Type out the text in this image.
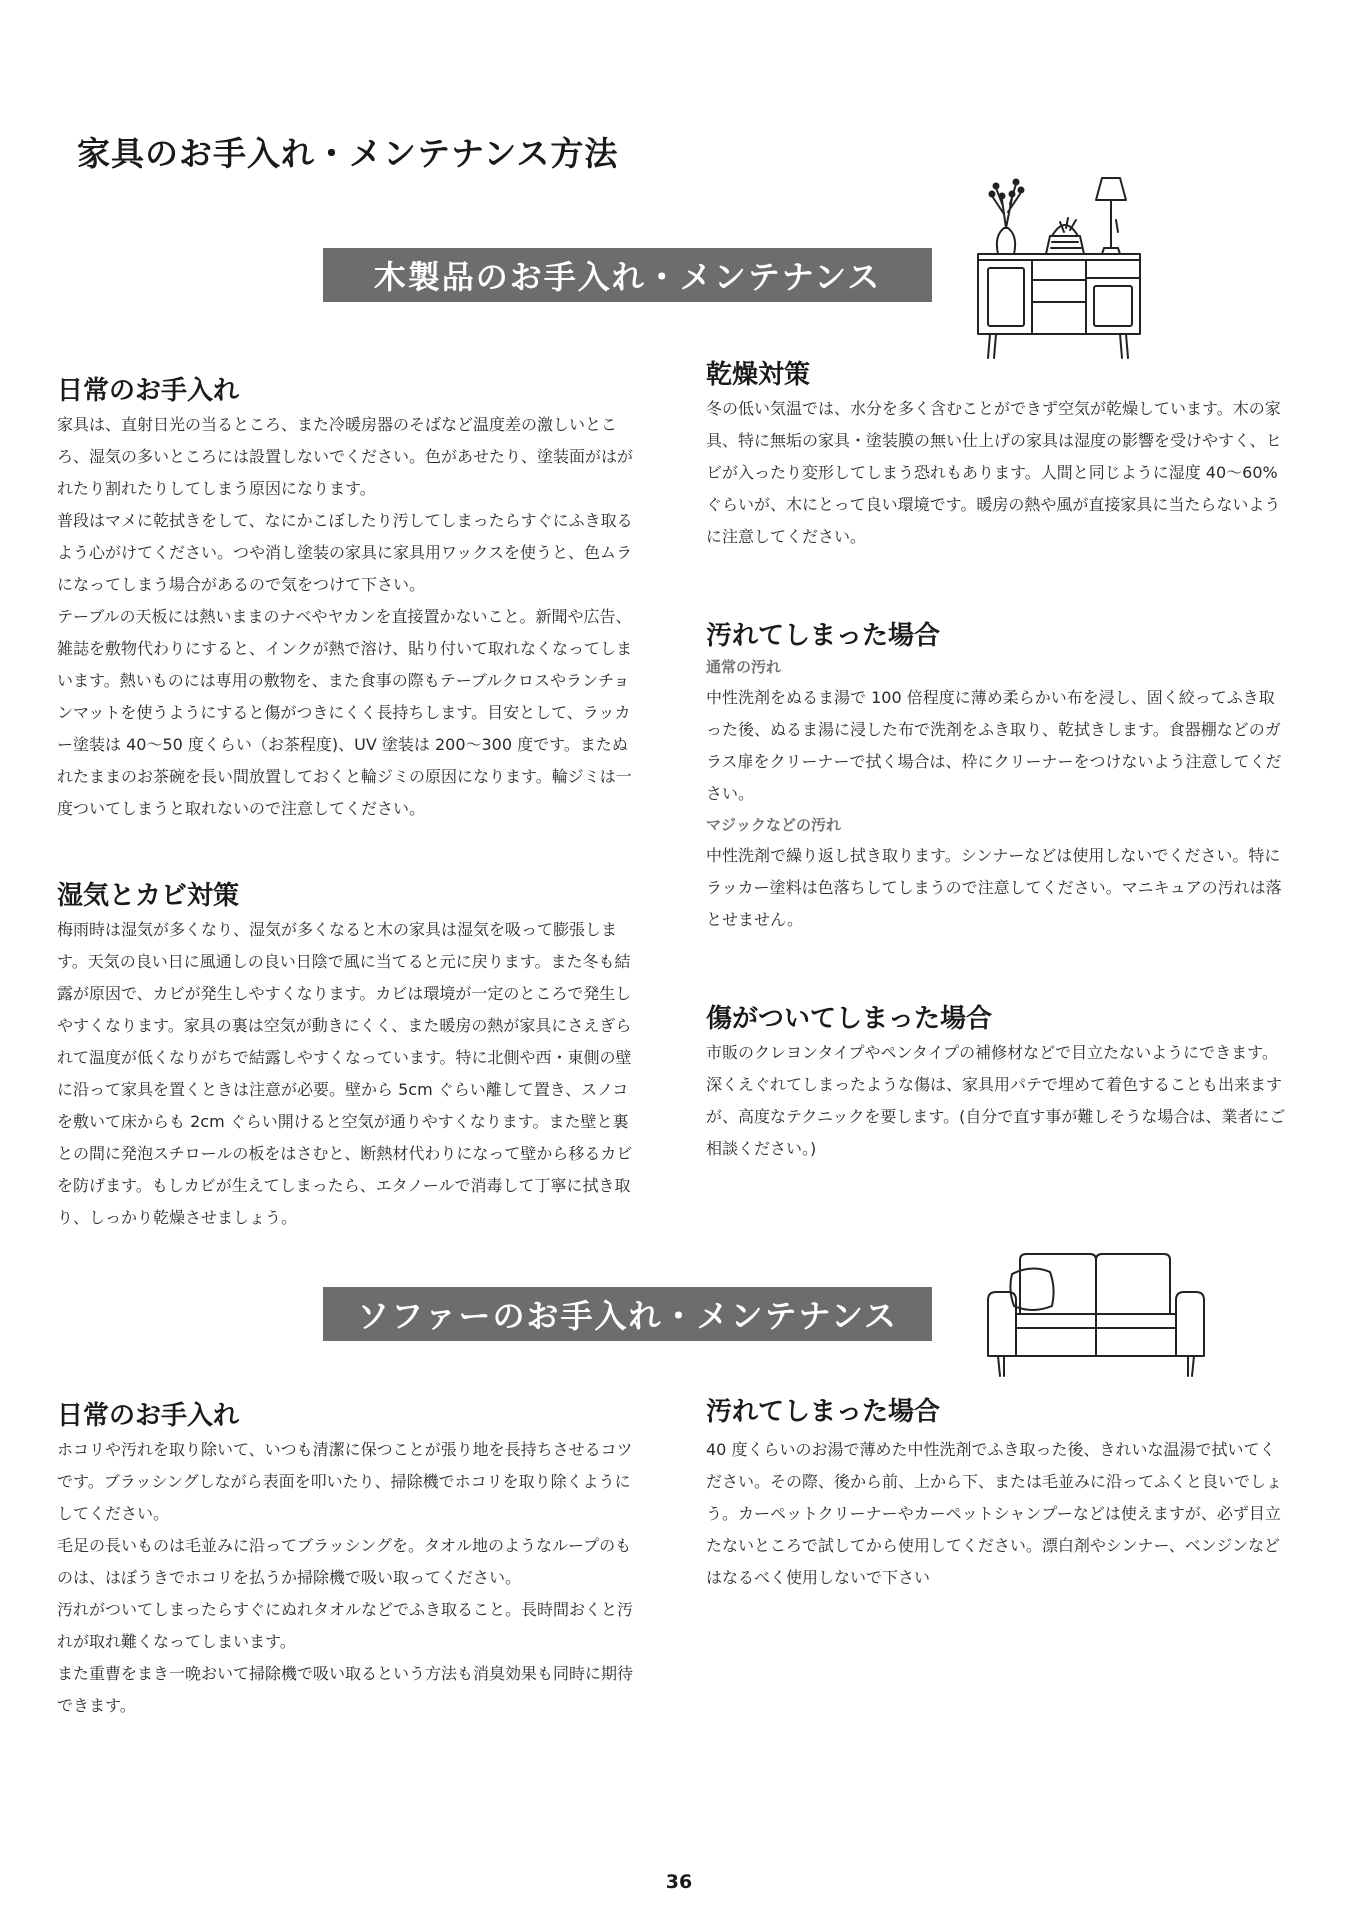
家具のお手入れ・メンテナンス方法
木製品のお手入れ・メンテナンス
日常のお手入れ

家具は、直射日光の当るところ、また冷暖房器のそばなど温度差の激しいところ、湿気の多いところには設置しないでください。色があせたり、塗装面がはがれたり割れたりしてしまう原因になります。

普段はマメに乾拭きをして、なにかこぼしたり汚してしまったらすぐにふき取るよう心がけてください。つや消し塗装の家具に家具用ワックスを使うと、色ムラになってしまう場合があるので気をつけて下さい。

テーブルの天板には熱いままのナベやヤカンを直接置かないこと。新聞や広告、雑誌を敷物代わりにすると、インクが熱で溶け、貼り付いて取れなくなってしまいます。熱いものには専用の敷物を、また食事の際もテーブルクロスやランチョンマットを使うようにすると傷がつきにくく長持ちします。目安として、ラッカー塗装は 40〜50 度くらい（お茶程度)、UV 塗装は 200〜300 度です。またぬれたままのお茶碗を長い間放置しておくと輪ジミの原因になります。輪ジミは一度ついてしまうと取れないので注意してください。

湿気とカビ対策

梅雨時は湿気が多くなり、湿気が多くなると木の家具は湿気を吸って膨張します。天気の良い日に風通しの良い日陰で風に当てると元に戻ります。また冬も結露が原因で、カビが発生しやすくなります。カビは環境が一定のところで発生しやすくなります。家具の裏は空気が動きにくく、また暖房の熱が家具にさえぎられて温度が低くなりがちで結露しやすくなっています。特に北側や西・東側の壁に沿って家具を置くときは注意が必要。壁から 5cm ぐらい離して置き、スノコを敷いて床からも 2cm ぐらい開けると空気が通りやすくなります。また壁と裏との間に発泡スチロールの板をはさむと、断熱材代わりになって壁から移るカビを防げます。もしカビが生えてしまったら、エタノールで消毒して丁寧に拭き取り、しっかり乾燥させましょう。

乾燥対策

冬の低い気温では、水分を多く含むことができず空気が乾燥しています。木の家具、特に無垢の家具・塗装膜の無い仕上げの家具は湿度の影響を受けやすく、ヒビが入ったり変形してしまう恐れもあります。人間と同じように湿度 40〜60%ぐらいが、木にとって良い環境です。暖房の熱や風が直接家具に当たらないように注意してください。

汚れてしまった場合

通常の汚れ

中性洗剤をぬるま湯で 100 倍程度に薄め柔らかい布を浸し、固く絞ってふき取った後、ぬるま湯に浸した布で洗剤をふき取り、乾拭きします。食器棚などのガラス扉をクリーナーで拭く場合は、枠にクリーナーをつけないよう注意してください。

マジックなどの汚れ

中性洗剤で繰り返し拭き取ります。シンナーなどは使用しないでください。特にラッカー塗料は色落ちしてしまうので注意してください。マニキュアの汚れは落とせません。

傷がついてしまった場合

市販のクレヨンタイプやペンタイプの補修材などで目立たないようにできます。深くえぐれてしまったような傷は、家具用パテで埋めて着色することも出来ますが、高度なテクニックを要します。(自分で直す事が難しそうな場合は、業者にご相談ください。)

ソファーのお手入れ・メンテナンス
日常のお手入れ

ホコリや汚れを取り除いて、いつも清潔に保つことが張り地を長持ちさせるコツです。ブラッシングしながら表面を叩いたり、掃除機でホコリを取り除くようにしてください。

毛足の長いものは毛並みに沿ってブラッシングを。タオル地のようなループのものは、はぼうきでホコリを払うか掃除機で吸い取ってください。

汚れがついてしまったらすぐにぬれタオルなどでふき取ること。長時間おくと汚れが取れ難くなってしまいます。

また重曹をまき一晩おいて掃除機で吸い取るという方法も消臭効果も同時に期待できます。

汚れてしまった場合

40 度くらいのお湯で薄めた中性洗剤でふき取った後、きれいな温湯で拭いてください。その際、後から前、上から下、または毛並みに沿ってふくと良いでしょう。カーペットクリーナーやカーペットシャンプーなどは使えますが、必ず目立たないところで試してから使用してください。漂白剤やシンナー、ベンジンなどはなるべく使用しないで下さい

36
